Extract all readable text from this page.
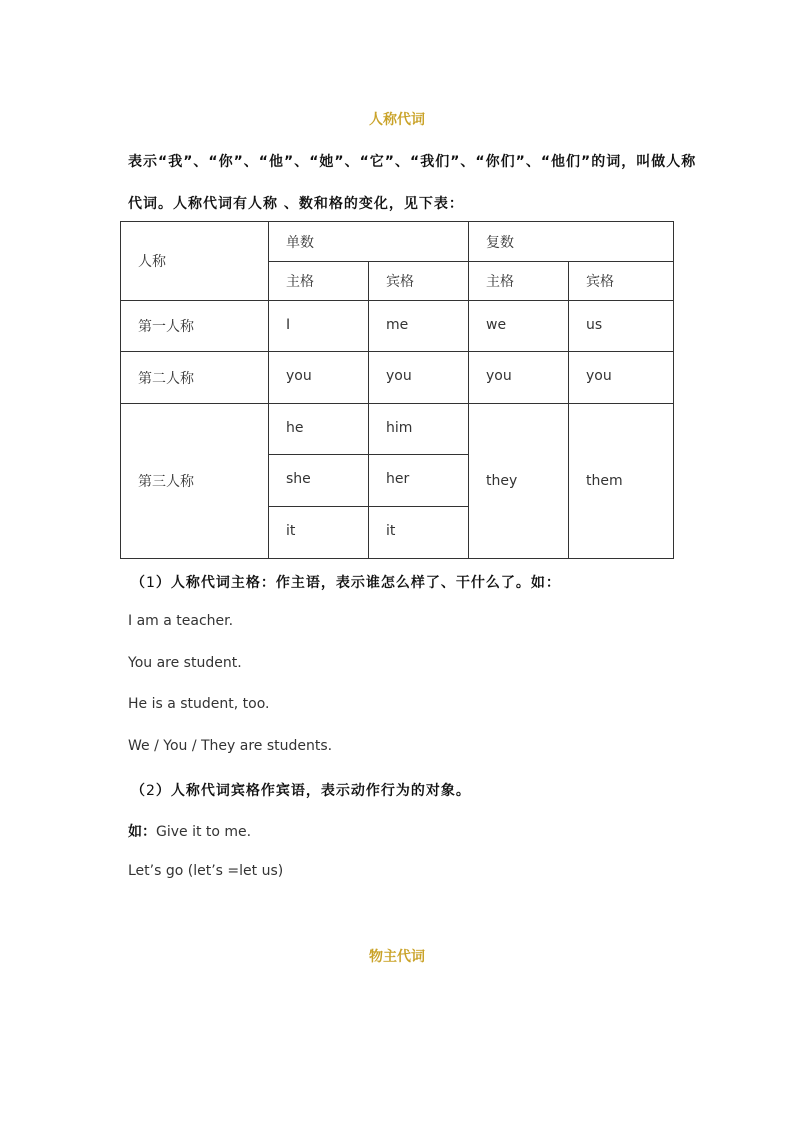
人称代词
表示“我”、“你”、“他”、“她”、“它”、“我们”、“你们”、“他们”的词，叫做人称
代词。人称代词有人称 、数和格的变化，见下表：
人称	单数		复数	
	主格	宾格	主格	宾格
第一人称	I	me	we	us
第二人称	you	you	you	you
第三人称	he	him	they	them
	she	her		
	it	it		
（1）人称代词主格：作主语，表示谁怎么样了、干什么了。如：
I am a teacher.
You are student.
He is a student, too.
We / You / They are students.
（2）人称代词宾格作宾语，表示动作行为的对象。
如：Give it to me.
Let’s go (let’s =let us)
物主代词
